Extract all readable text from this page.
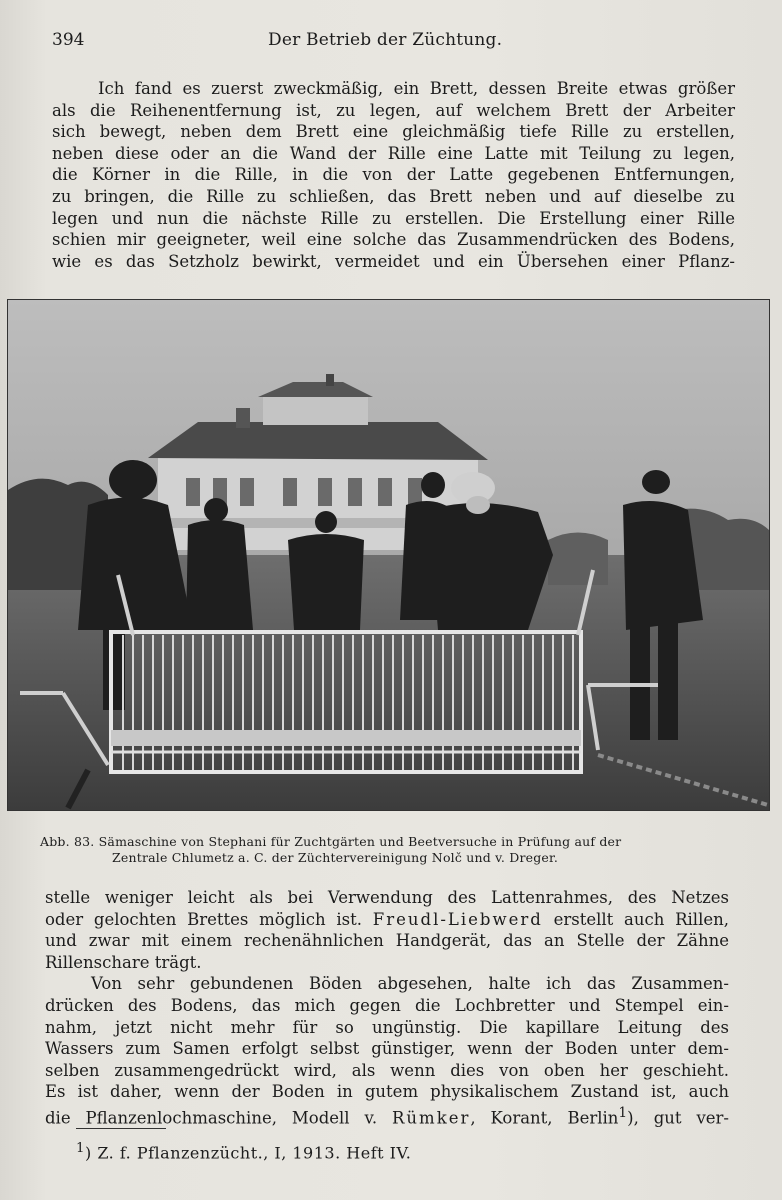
394	Der Betrieb der Züchtung.

Ich fand es zuerst zweckmäßig, ein Brett, dessen Breite etwas größer

als die Reihenentfernung ist, zu legen, auf welchem Brett der Arbeiter

sich bewegt, neben dem Brett eine gleichmäßig tiefe Rille zu erstellen,

neben diese oder an die Wand der Rille eine Latte mit Teilung zu legen,

die Körner in die Rille, in die von der Latte gegebenen Entfernungen,

zu bringen, die Rille zu schließen, das Brett neben und auf dieselbe zu

legen und nun die nächste Rille zu erstellen. Die Erstellung einer Rille

schien mir geeigneter, weil eine solche das Zusammendrücken des Bodens,

wie es das Setzholz bewirkt, vermeidet und ein Übersehen einer Pflanz-

Abb. 83. Sämaschine von Stephani für Zuchtgärten und Beetversuche in Prüfung auf der
Zentrale Chlumetz a. C. der Züchtervereinigung Nolč und v. Dreger.

stelle weniger leicht als bei Verwendung des Lattenrahmes, des Netzes

oder gelochten Brettes möglich ist. Freudl-Liebwerd erstellt auch Rillen,

und zwar mit einem rechenähnlichen Handgerät, das an Stelle der Zähne

Rillenschare trägt.

Von sehr gebundenen Böden abgesehen, halte ich das Zusammen-

drücken des Bodens, das mich gegen die Lochbretter und Stempel ein-

nahm, jetzt nicht mehr für so ungünstig. Die kapillare Leitung des

Wassers zum Samen erfolgt selbst günstiger, wenn der Boden unter dem-

selben zusammengedrückt wird, als wenn dies von oben her geschieht.

Es ist daher, wenn der Boden in gutem physikalischem Zustand ist, auch

die Pflanzenlochmaschine, Modell v. Rümker, Korant, Berlin$^1$), gut ver-

$^1$) Z. f. Pflanzenzücht., I, 1913. Heft IV.
